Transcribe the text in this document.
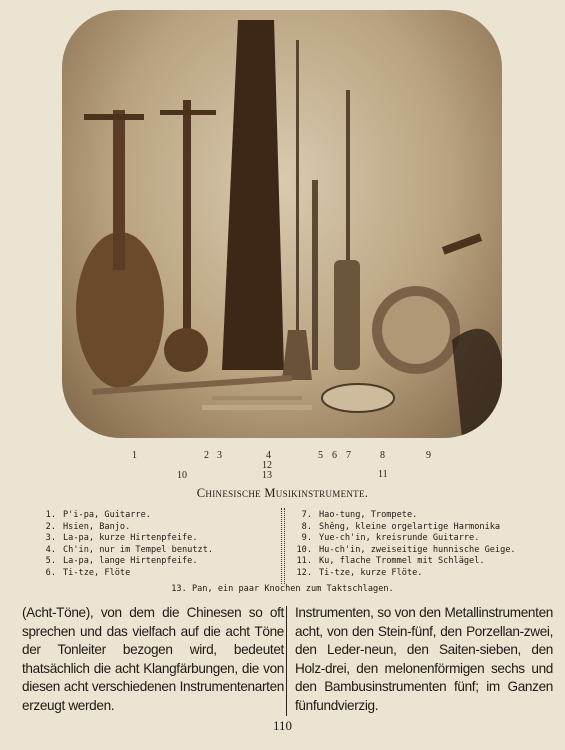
1	2 3	4	5 6 7	8	9
10	11
12
13
Chinesische Musikinstrumente.
1. P'i-pa, Guitarre.
2. Hsien, Banjo.
3. La-pa, kurze Hirtenpfeife.
4. Ch'in, nur im Tempel benutzt.
5. La-pa, lange Hirtenpfeife.
6. Ti-tze, Flöte
7. Hao-tung, Trompete.
8. Shêng, kleine orgelartige Harmonika
9. Yue-ch'in, kreisrunde Guitarre.
10. Hu-ch'in, zweiseitige hunnische Geige.
11. Ku, flache Trommel mit Schlägel.
12. Ti-tze, kurze Flöte.
13. Pan, ein paar Knochen zum Taktschlagen.
(Acht-Töne), von dem die Chinesen so oft sprechen und das vielfach auf die acht Töne der Tonleiter bezogen wird, bedeutet thatsächlich die acht Klangfärbungen, die von diesen acht verschiedenen Instrumentenarten erzeugt werden.
Instrumenten, so von den Metallinstrumenten acht, von den Stein-fünf, den Porzellan-zwei, den Leder-neun, den Saiten-sieben, den Holz-drei, den melonenförmigen sechs und den Bambusinstrumenten fünf; im Ganzen fünfundvierzig.
110
